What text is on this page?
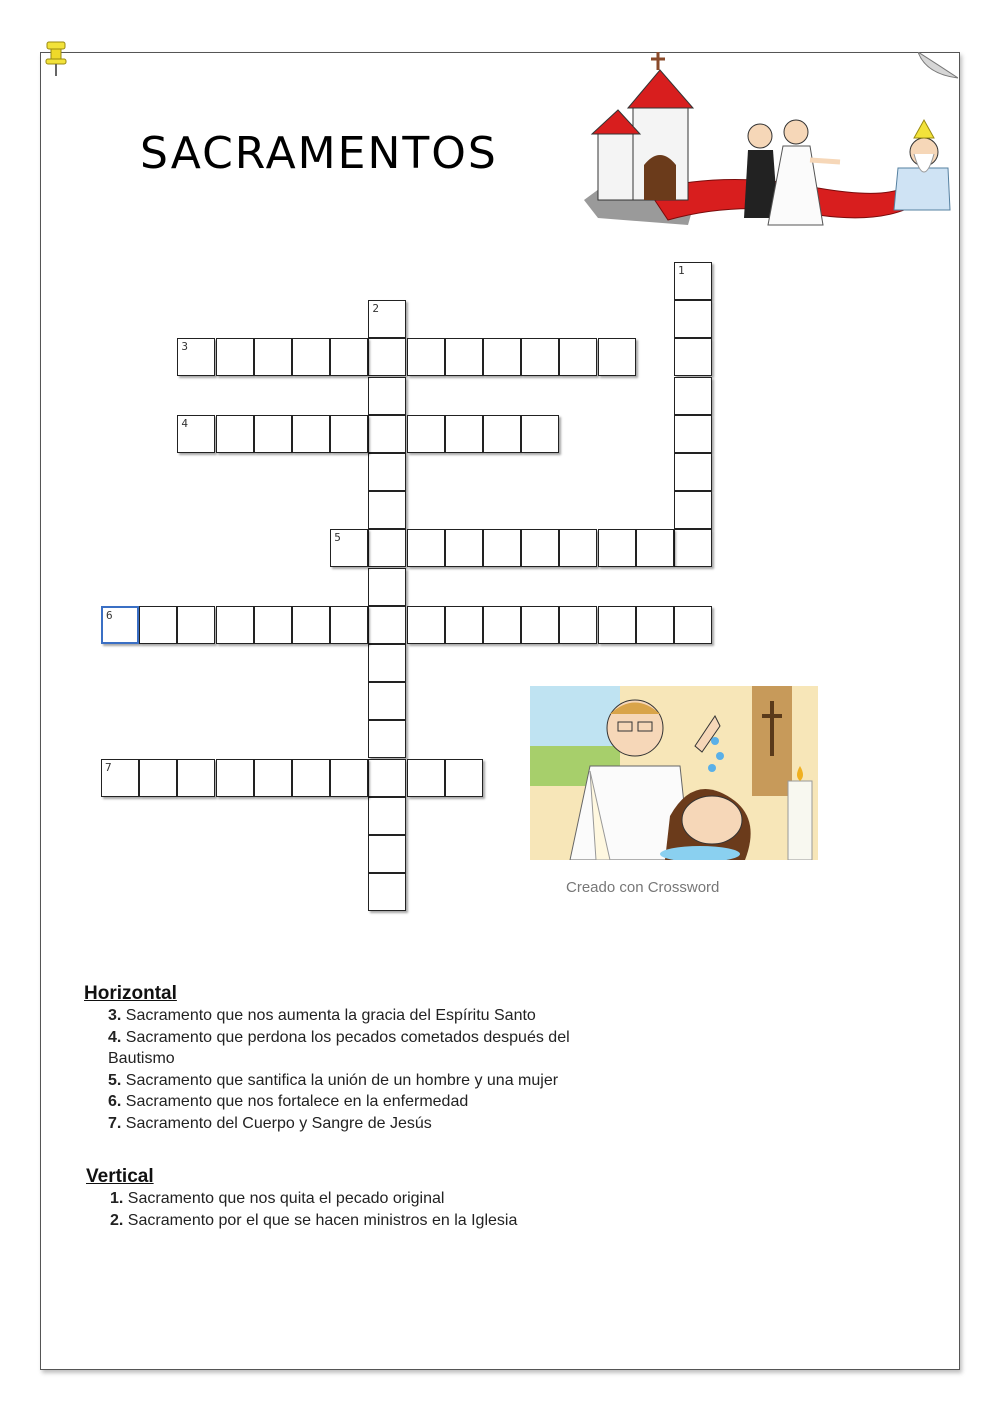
SACRAMENTOS
1
2
3
4
5
6
7
Creado con Crossword
Horizontal
3. Sacramento que nos aumenta la gracia del Espíritu Santo
4. Sacramento que perdona los pecados cometados después del
Bautismo
5. Sacramento que santifica la unión de un hombre y una mujer
6. Sacramento que nos fortalece en la enfermedad
7. Sacramento del Cuerpo y Sangre de Jesús
Vertical
1. Sacramento que nos quita el pecado original
2. Sacramento por el que se hacen ministros en la Iglesia
